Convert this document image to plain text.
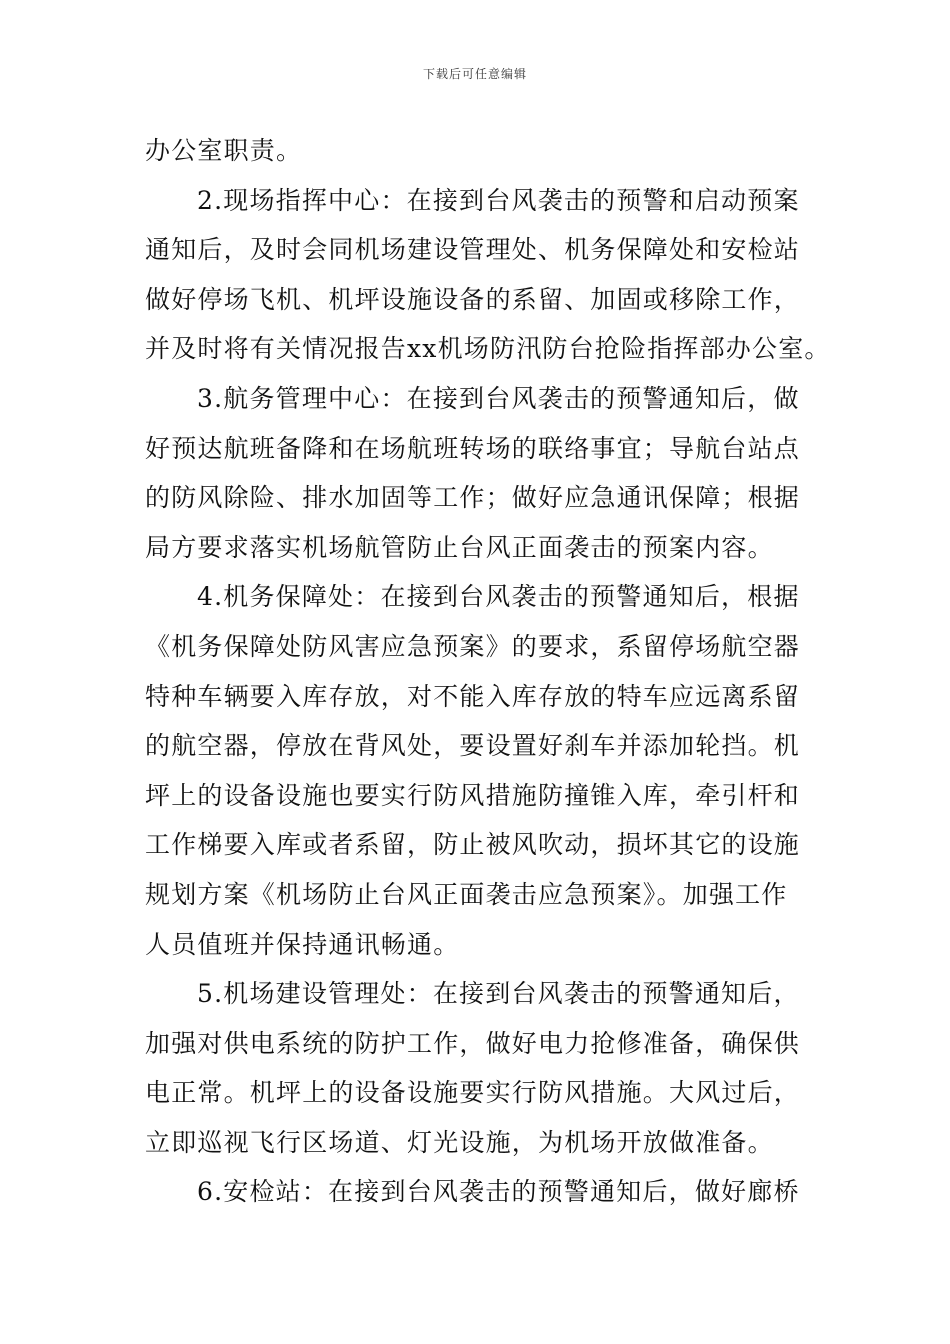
下载后可任意编辑
办公室职责。
2.现场指挥中心：在接到台风袭击的预警和启动预案
通知后，及时会同机场建设管理处、机务保障处和安检站
做好停场飞机、机坪设施设备的系留、加固或移除工作，
并及时将有关情况报告xx机场防汛防台抢险指挥部办公室。
3.航务管理中心：在接到台风袭击的预警通知后，做
好预达航班备降和在场航班转场的联络事宜；导航台站点
的防风除险、排水加固等工作；做好应急通讯保障；根据
局方要求落实机场航管防止台风正面袭击的预案内容。
4.机务保障处：在接到台风袭击的预警通知后，根据
《机务保障处防风害应急预案》的要求，系留停场航空器
特种车辆要入库存放，对不能入库存放的特车应远离系留
的航空器，停放在背风处，要设置好刹车并添加轮挡。机
坪上的设备设施也要实行防风措施防撞锥入库，牵引杆和
工作梯要入库或者系留，防止被风吹动，损坏其它的设施
规划方案《机场防止台风正面袭击应急预案》。加强工作
人员值班并保持通讯畅通。
5.机场建设管理处：在接到台风袭击的预警通知后，
加强对供电系统的防护工作，做好电力抢修准备，确保供
电正常。机坪上的设备设施要实行防风措施。大风过后，
立即巡视飞行区场道、灯光设施，为机场开放做准备。
6.安检站：在接到台风袭击的预警通知后，做好廊桥
